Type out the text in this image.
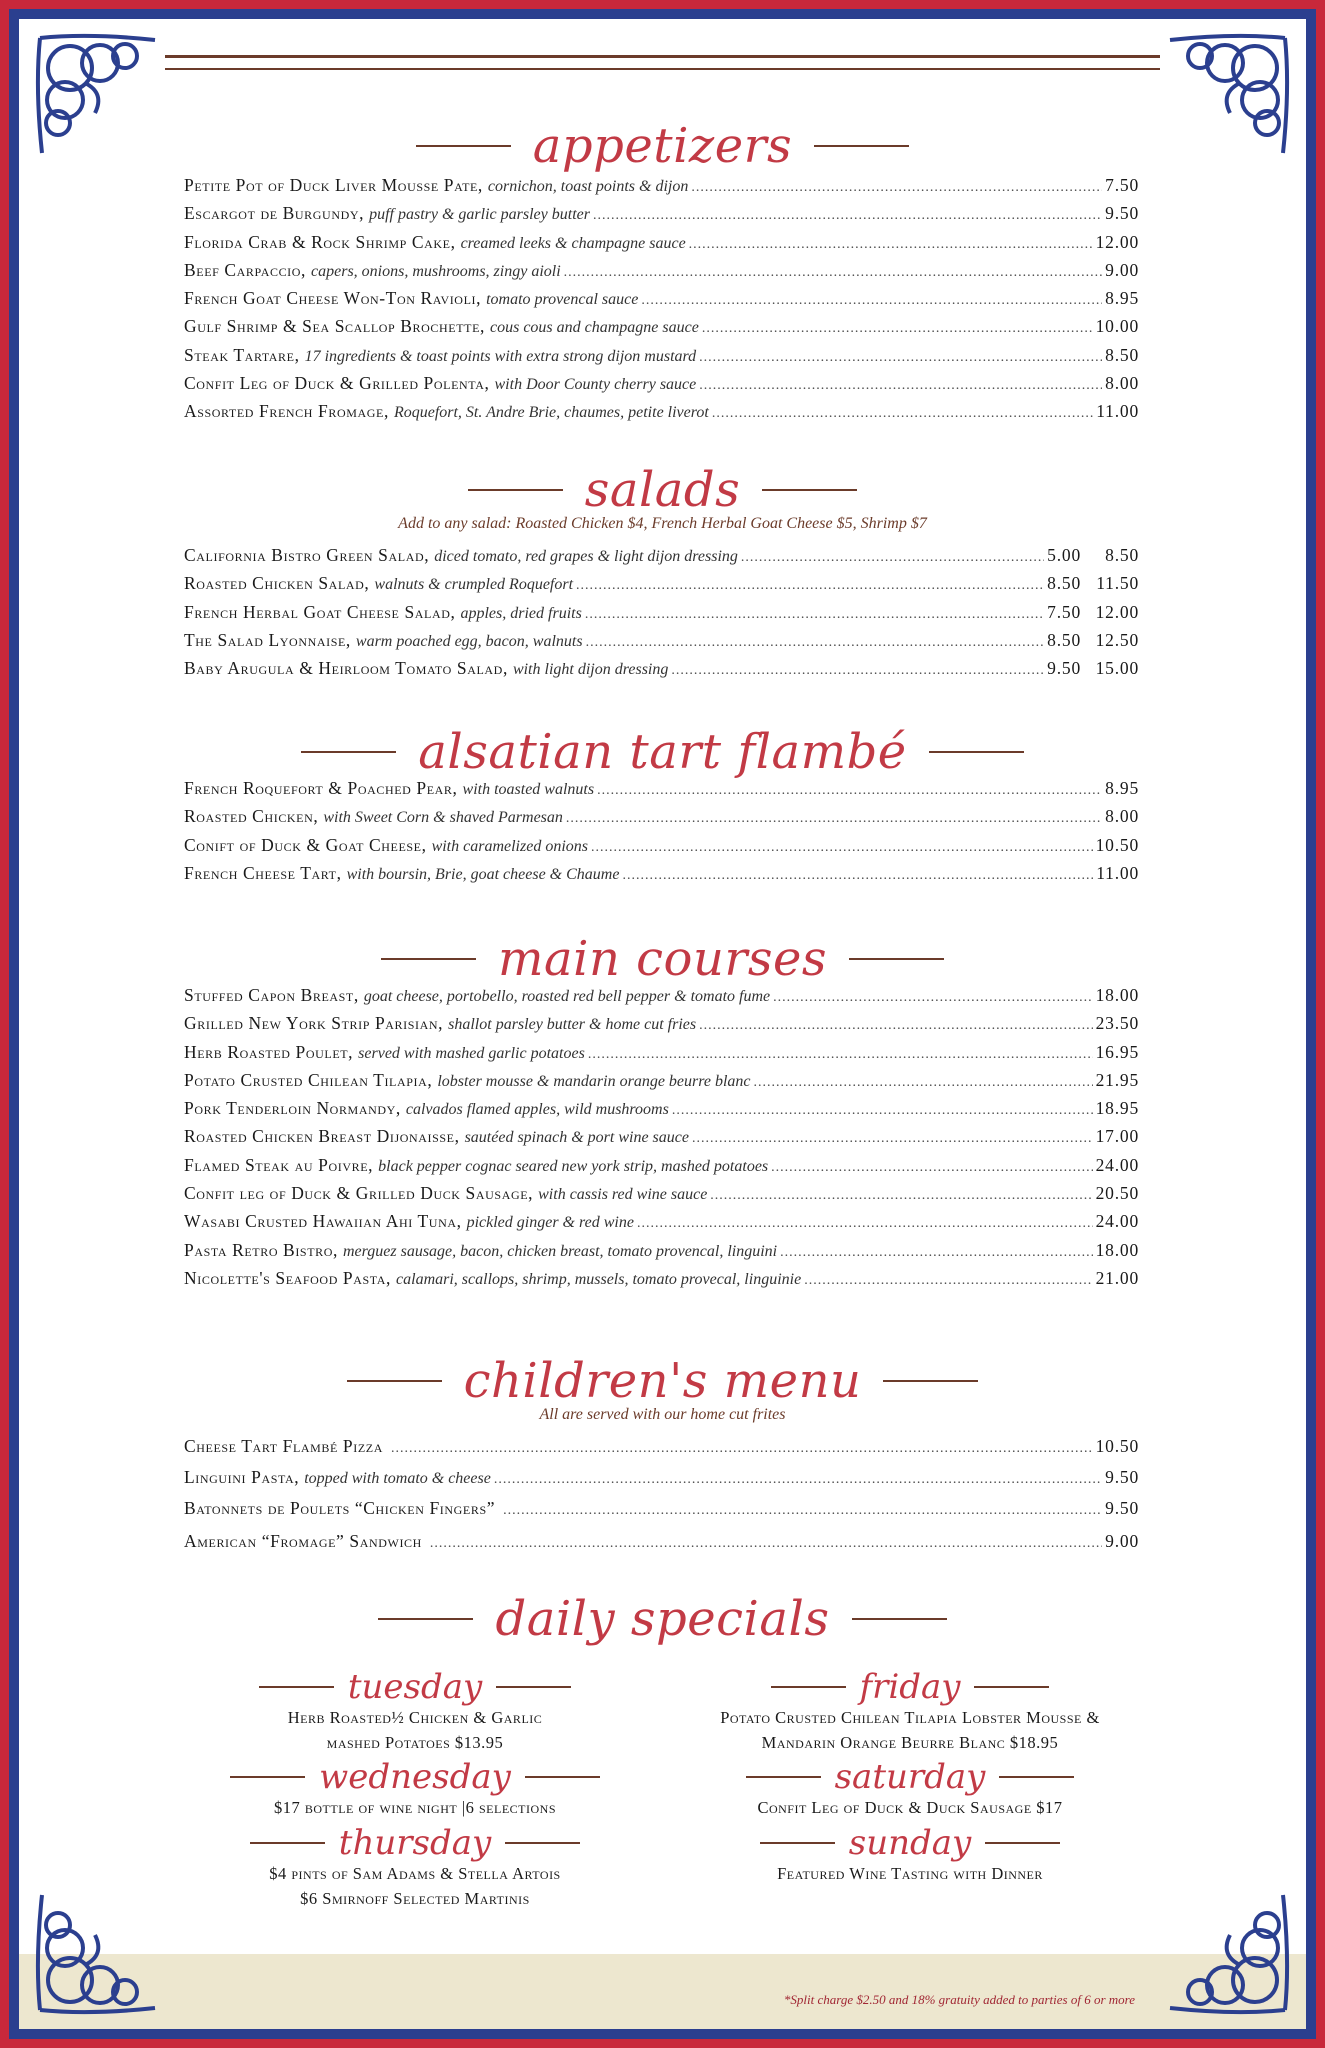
*Split charge $2.50 and 18% gratuity added to parties of 6 or more
appetizers
Petite Pot of Duck Liver Mousse Pate, cornichon, toast points & dijon .....	7.50
Escargot de Burgundy, puff pastry & garlic parsley butter .....	9.50
Florida Crab & Rock Shrimp Cake, creamed leeks & champagne sauce .....	12.00
Beef Carpaccio, capers, onions, mushrooms, zingy aioli .....	9.00
French Goat Cheese Won-Ton Ravioli, tomato provencal sauce .....	8.95
Gulf Shrimp & Sea Scallop Brochette, cous cous and champagne sauce .....	10.00
Steak Tartare, 17 ingredients & toast points with extra strong dijon mustard .....	8.50
Confit Leg of Duck & Grilled Polenta, with Door County cherry sauce .....	8.00
Assorted French Fromage, Roquefort, St. Andre Brie, chaumes, petite liverot .....	11.00
salads
Add to any salad: Roasted Chicken $4, French Herbal Goat Cheese $5, Shrimp $7
California Bistro Green Salad, diced tomato, red grapes & light dijon dressing .....	5.00	8.50
Roasted Chicken Salad, walnuts & crumpled Roquefort .....	8.50 11.50
French Herbal Goat Cheese Salad, apples, dried fruits .....	7.50 12.00
The Salad Lyonnaise, warm poached egg, bacon, walnuts .....	8.50 12.50
Baby Arugula & Heirloom Tomato Salad, with light dijon dressing .....	9.50 15.00
alsatian tart flambé
French Roquefort & Poached Pear, with toasted walnuts .....	8.95
Roasted Chicken, with Sweet Corn & shaved Parmesan .....	8.00
Conift of Duck & Goat Cheese, with caramelized onions .....	10.50
French Cheese Tart, with boursin, Brie, goat cheese & Chaume .....	11.00
main courses
Stuffed Capon Breast, goat cheese, portobello, roasted red bell pepper & tomato fume .....	18.00
Grilled New York Strip Parisian, shallot parsley butter & home cut fries .....	23.50
Herb Roasted Poulet, served with mashed garlic potatoes .....	16.95
Potato Crusted Chilean Tilapia, lobster mousse & mandarin orange beurre blanc .....	21.95
Pork Tenderloin Normandy, calvados flamed apples, wild mushrooms .....	18.95
Roasted Chicken Breast Dijonaisse, sautéed spinach & port wine sauce .....	17.00
Flamed Steak au Poivre, black pepper cognac seared new york strip, mashed potatoes .....	24.00
Confit leg of Duck & Grilled Duck Sausage, with cassis red wine sauce .....	20.50
Wasabi Crusted Hawaiian Ahi Tuna, pickled ginger & red wine .....	24.00
Pasta Retro Bistro, merguez sausage, bacon, chicken breast, tomato provencal, linguini .....	18.00
Nicolette's Seafood Pasta, calamari, scallops, shrimp, mussels, tomato provecal, linguinie .....	21.00
children's menu
All are served with our home cut frites
Cheese Tart Flambé Pizza .....	10.50
Linguini Pasta, topped with tomato & cheese .....	9.50
Batonnets de Poulets “Chicken Fingers” .....	9.50
American “Fromage” Sandwich .....	9.00
daily specials
tuesday
Herb Roasted½ Chicken & Garlic
mashed Potatoes $13.95
wednesday
$17 bottle of wine night |6 selections
thursday
$4 pints of Sam Adams & Stella Artois
$6 Smirnoff Selected Martinis
friday
Potato Crusted Chilean Tilapia Lobster Mousse &
Mandarin Orange Beurre Blanc $18.95
saturday
Confit Leg of Duck & Duck Sausage $17
sunday
Featured Wine Tasting with Dinner
